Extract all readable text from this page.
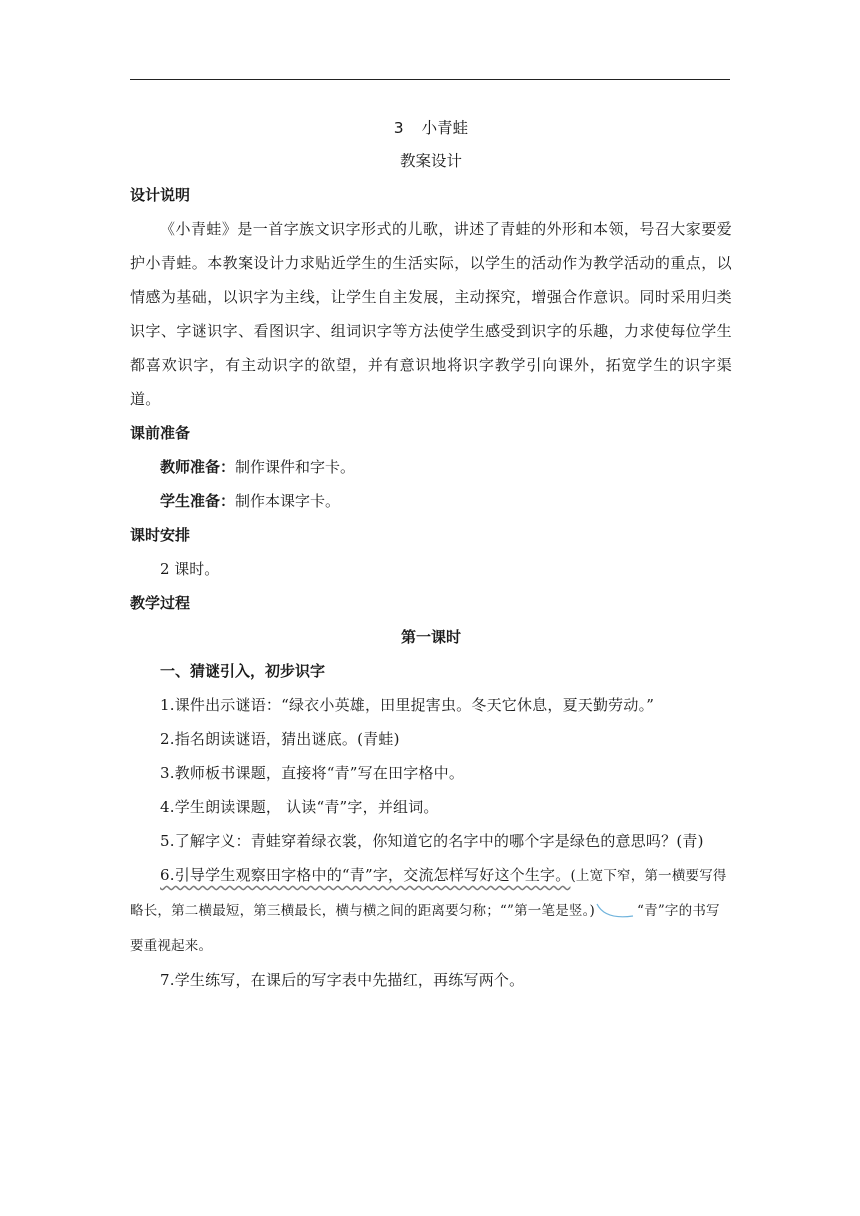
3 小青蛙
教案设计
设计说明
《小青蛙》是一首字族文识字形式的儿歌，讲述了青蛙的外形和本领，号召大家要爱护小青蛙。本教案设计力求贴近学生的生活实际，以学生的活动作为教学活动的重点，以情感为基础，以识字为主线，让学生自主发展，主动探究，增强合作意识。同时采用归类识字、字谜识字、看图识字、组词识字等方法使学生感受到识字的乐趣，力求使每位学生都喜欢识字，有主动识字的欲望，并有意识地将识字教学引向课外，拓宽学生的识字渠道。
课前准备
教师准备：制作课件和字卡。
学生准备：制作本课字卡。
课时安排
2 课时。
教学过程
第一课时
一、猜谜引入，初步识字
1.课件出示谜语：“绿衣小英雄，田里捉害虫。冬天它休息，夏天勤劳动。”
2.指名朗读谜语，猜出谜底。(青蛙)
3.教师板书课题，直接将“青”写在田字格中。
4.学生朗读课题， 认读“青”字，并组词。
5.了解字义：青蛙穿着绿衣裳，你知道它的名字中的哪个字是绿色的意思吗？(青)
6.引导学生观察田字格中的“青”字，交流怎样写好这个生字。(上宽下窄，第一横要写得略长，第二横最短，第三横最长，横与横之间的距离要匀称；“”第一笔是竖。)	“青”字的书写要重视起来。
7.学生练写，在课后的写字表中先描红，再练写两个。
